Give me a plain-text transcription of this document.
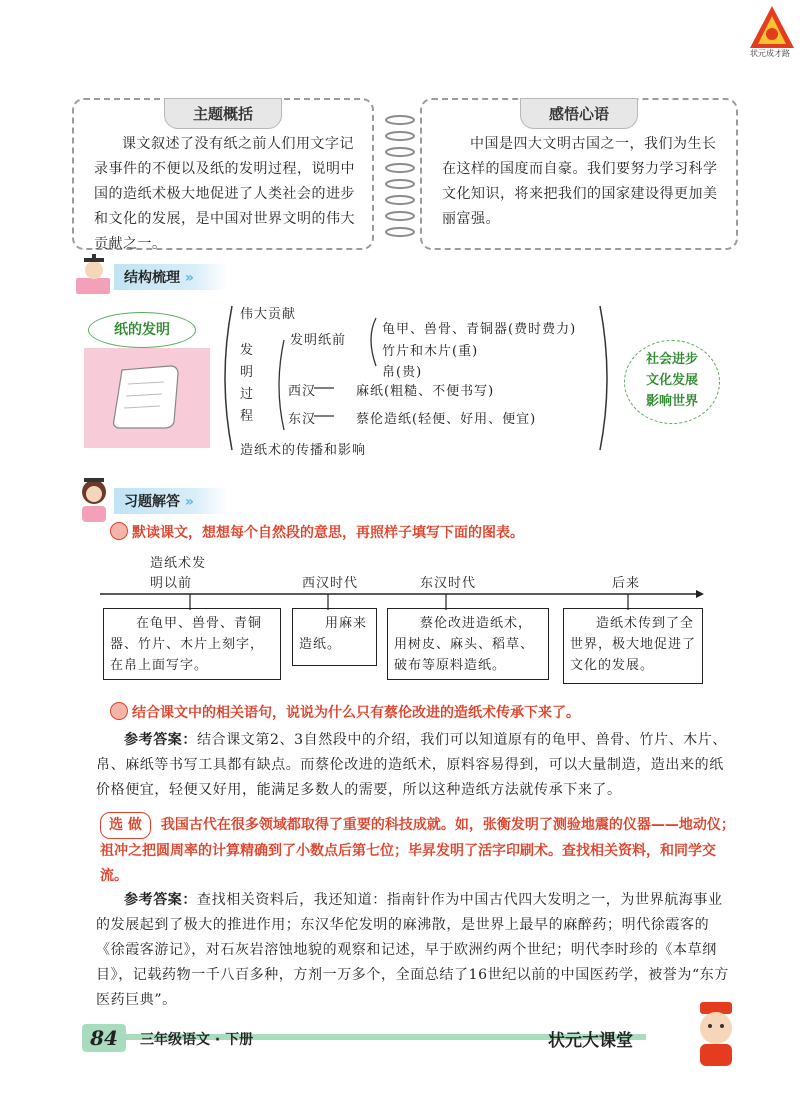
状元成才路
主题概括
课文叙述了没有纸之前人们用文字记录事件的不便以及纸的发明过程，说明中国的造纸术极大地促进了人类社会的进步和文化的发展，是中国对世界文明的伟大贡献之一。
感悟心语
中国是四大文明古国之一，我们为生长在这样的国度而自豪。我们要努力学习科学文化知识，将来把我们的国家建设得更加美丽富强。
结构梳理 »
纸的发明
伟大贡献
发明过程
发明纸前
龟甲、兽骨、青铜器(费时费力)
竹片和木片(重)
帛(贵)
西汉	麻纸(粗糙、不便书写)
东汉	蔡伦造纸(轻便、好用、便宜)
造纸术的传播和影响
社会进步
文化发展
影响世界
习题解答 »
默读课文，想想每个自然段的意思，再照样子填写下面的图表。
造纸术发明以前	西汉时代	东汉时代	后来
在龟甲、兽骨、青铜器、竹片、木片上刻字，在帛上面写字。
用麻来造纸。
蔡伦改进造纸术，用树皮、麻头、稻草、破布等原料造纸。
造纸术传到了全世界，极大地促进了文化的发展。
结合课文中的相关语句，说说为什么只有蔡伦改进的造纸术传承下来了。
参考答案：结合课文第2、3自然段中的介绍，我们可以知道原有的龟甲、兽骨、竹片、木片、帛、麻纸等书写工具都有缺点。而蔡伦改进的造纸术，原料容易得到，可以大量制造，造出来的纸价格便宜，轻便又好用，能满足多数人的需要，所以这种造纸方法就传承下来了。
选 做 我国古代在很多领域都取得了重要的科技成就。如，张衡发明了测验地震的仪器——地动仪；祖冲之把圆周率的计算精确到了小数点后第七位；毕昇发明了活字印刷术。查找相关资料，和同学交流。
参考答案：查找相关资料后，我还知道：指南针作为中国古代四大发明之一，为世界航海事业的发展起到了极大的推进作用；东汉华佗发明的麻沸散，是世界上最早的麻醉药；明代徐霞客的《徐霞客游记》，对石灰岩溶蚀地貌的观察和记述，早于欧洲约两个世纪；明代李时珍的《本草纲目》，记载药物一千八百多种，方剂一万多个，全面总结了16世纪以前的中国医药学，被誉为“东方医药巨典”。
84	三年级语文 · 下册	状元大课堂
